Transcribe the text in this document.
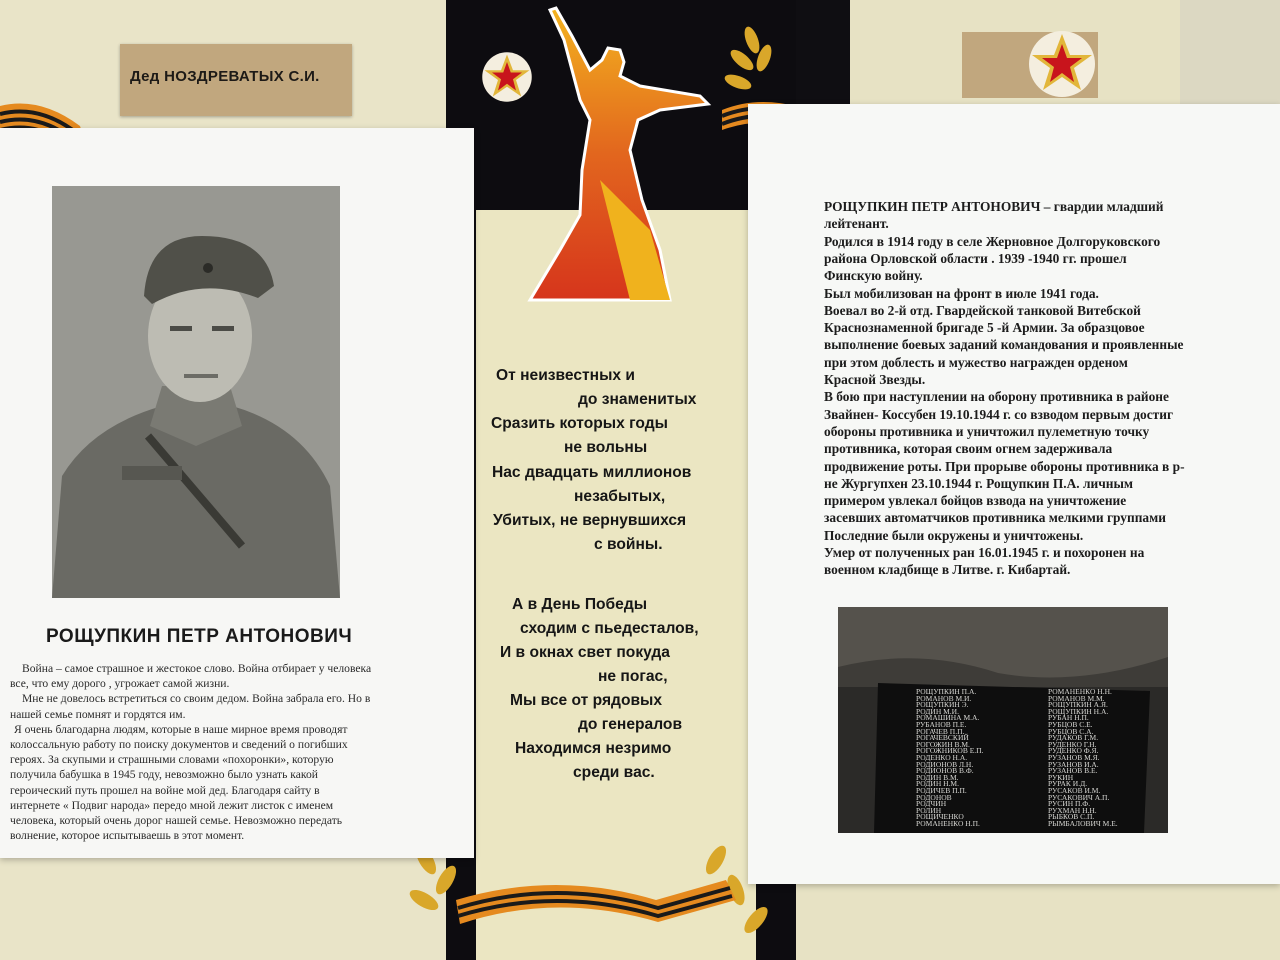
Дед НОЗДРЕВАТЫХ С.И.
РОЩУПКИН ПЕТР АНТОНОВИЧ
Война – самое страшное и жестокое слово. Война отбирает у человека
все, что ему дорого , угрожает самой жизни.
Мне не довелось встретиться со своим дедом. Война забрала его. Но в
нашей семье помнят и гордятся им.
Я очень благодарна людям, которые в наше мирное время проводят
колоссальную работу по поиску документов и сведений о погибших
героях. За скупыми и страшными словами «похоронки», которую
получила бабушка в 1945 году, невозможно было узнать какой
героический путь прошел на войне мой дед. Благодаря сайту в
интернете « Подвиг народа» передо мной лежит листок с именем
человека, который очень дорог нашей семье. Невозможно передать
волнение, которое испытываешь в этот момент.
От неизвестных и
до знаменитых
Сразить которых годы
не вольны
Нас двадцать миллионов
незабытых,
Убитых, не вернувшихся
с войны.
А в День Победы
сходим с пьедесталов,
И в окнах свет покуда
не погас,
Мы все от рядовых
до генералов
Находимся незримо
среди вас.
РОЩУПКИН ПЕТР АНТОНОВИЧ – гвардии младший
лейтенант.
Родился в 1914 году в селе Жерновное Долгоруковского
района Орловской области . 1939 -1940 гг. прошел
Финскую войну.
Был мобилизован на фронт в июле 1941 года.
Воевал во 2-й отд. Гвардейской танковой Витебской
Краснознаменной бригаде 5 -й Армии. За образцовое
выполнение боевых заданий командования и проявленные
при этом доблесть и мужество награжден орденом
Красной Звезды.
В бою при наступлении на оборону противника в районе
Звайнен- Коссубен 19.10.1944 г. со взводом первым достиг
обороны противника и уничтожил пулеметную точку
противника, которая своим огнем задерживала
продвижение роты. При прорыве обороны противника в р-
не Жургупхен 23.10.1944 г. Рощупкин П.А. личным
примером увлекал бойцов взвода на уничтожение
засевших автоматчиков противника мелкими группами
Последние были окружены и уничтожены.
Умер от полученных ран 16.01.1945 г. и похоронен на
военном кладбище в Литве. г. Кибартай.
РОЩУПКИН П.А.
РОМАНОВ М.И.
РОЩУПКИН Э.
РОДИН М.И.
РОМАШИНА М.А.
РУБАНОВ П.Е.
РОГАЧЕВ П.П.
РОГАЧЕВСКИЙ
РОГОЖИН В.М.
РОГОЖНИКОВ Е.П.
РОДЕНКО Н.А.
РОДИОНОВ Л.Н.
РОДИОНОВ В.Ф.
РОДИН В.М.
РОДИН Н.М.
РОДИЧЕВ П.П.
РОДОНОВ
РОДЧИН
РОЛИН
РОЩИЧЕНКО
РОМАНЕНКО Н.П.
РОМАНЕНКО Н.Н.
РОМАНОВ М.М.
РОЩУПКИН А.Я.
РОЩУПКИН Н.А.
РУБАН Н.П.
РУБЦОВ С.Е.
РУБЦОВ С.А.
РУДАКОВ Г.М.
РУДЕНКО Г.Н.
РУДЕНКО Ф.Я.
РУЗАНОВ М.Я.
РУЗАНОВ И.А.
РУЗАНОВ В.Е.
РУКИН
РУРАК И.Д.
РУСАКОВ И.М.
РУСАКОВИЧ А.П.
РУСИН П.Ф.
РУХМАН Н.Н.
РЫБКОВ С.П.
РЫМБАЛОВИЧ М.Е.
